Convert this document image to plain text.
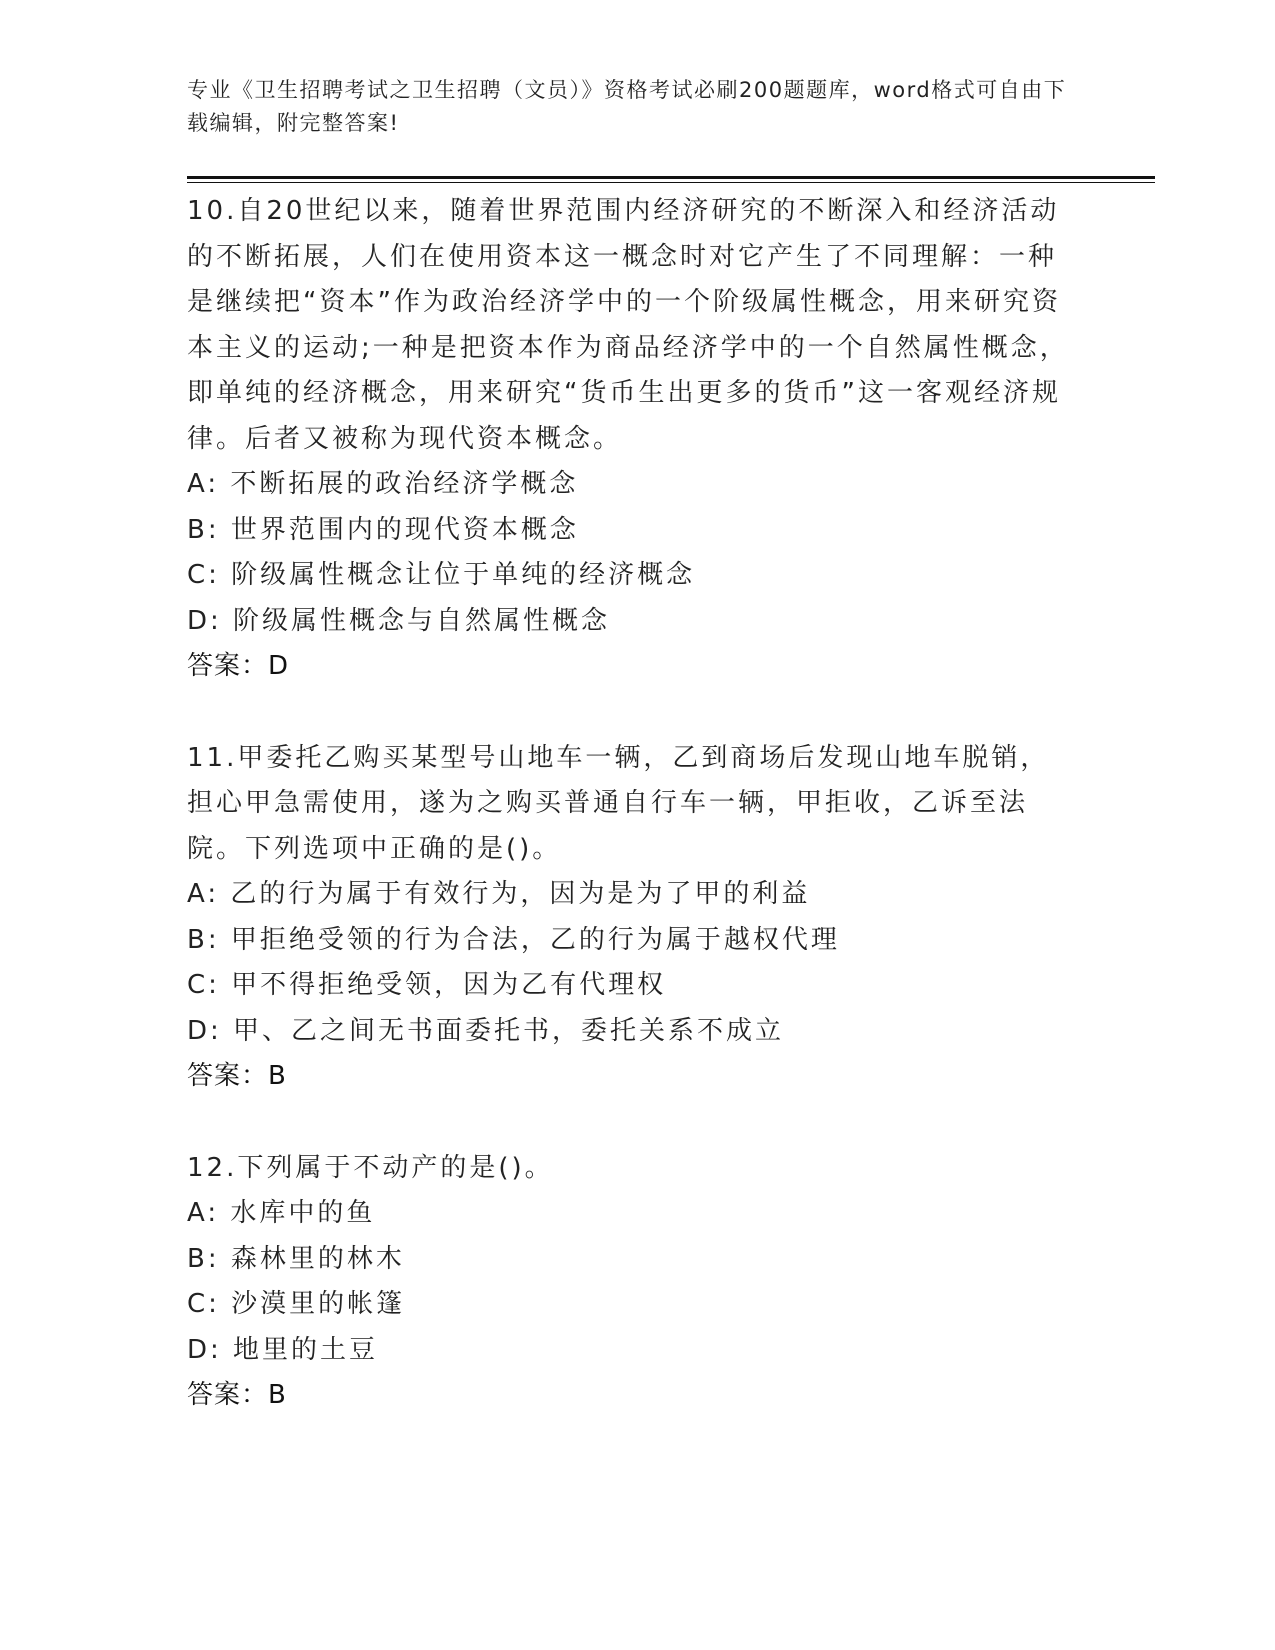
专业《卫生招聘考试之卫生招聘（文员）》资格考试必刷200题题库，word格式可自由下载编辑，附完整答案!

10.自20世纪以来，随着世界范围内经济研究的不断深入和经济活动的不断拓展，人们在使用资本这一概念时对它产生了不同理解：一种是继续把“资本”作为政治经济学中的一个阶级属性概念，用来研究资本主义的运动;一种是把资本作为商品经济学中的一个自然属性概念，即单纯的经济概念，用来研究“货币生出更多的货币”这一客观经济规律。后者又被称为现代资本概念。

A: 不断拓展的政治经济学概念

B: 世界范围内的现代资本概念

C: 阶级属性概念让位于单纯的经济概念

D: 阶级属性概念与自然属性概念

答案：D

11.甲委托乙购买某型号山地车一辆，乙到商场后发现山地车脱销，担心甲急需使用，遂为之购买普通自行车一辆，甲拒收，乙诉至法院。下列选项中正确的是()。

A: 乙的行为属于有效行为，因为是为了甲的利益

B: 甲拒绝受领的行为合法，乙的行为属于越权代理

C: 甲不得拒绝受领，因为乙有代理权

D: 甲、乙之间无书面委托书，委托关系不成立

答案：B

12.下列属于不动产的是()。

A: 水库中的鱼

B: 森林里的林木

C: 沙漠里的帐篷

D: 地里的土豆

答案：B
